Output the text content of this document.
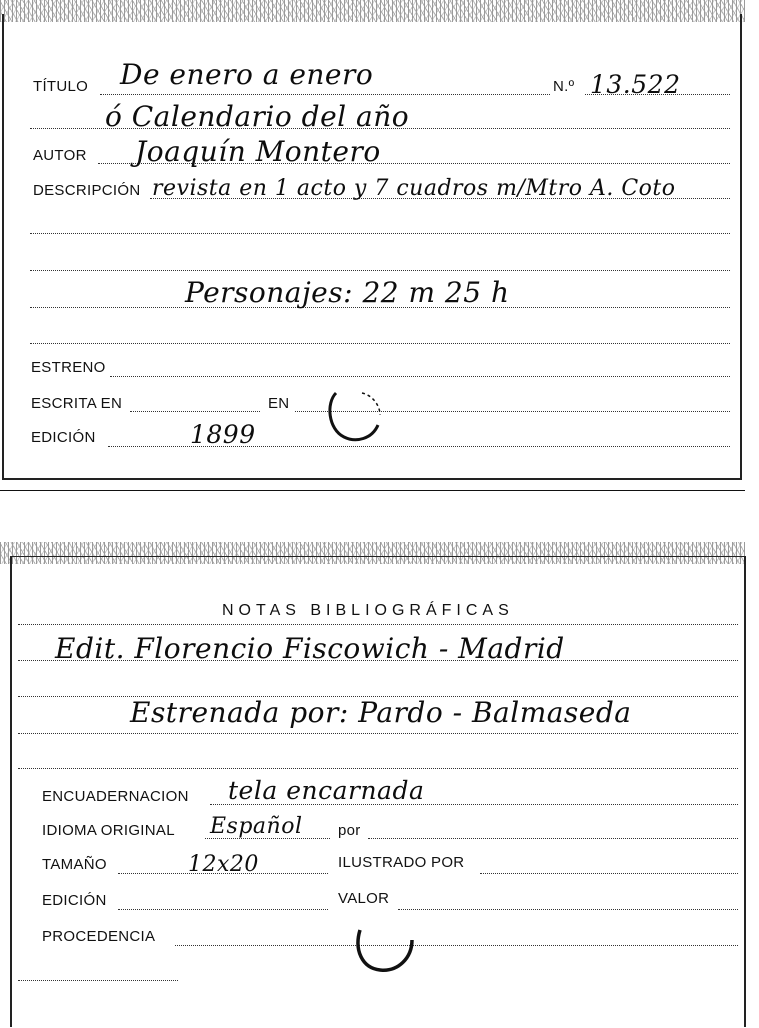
TÍTULO De enero a enero	N.º 13.522
ó Calendario del año
AUTOR Joaquín Montero
DESCRIPCIÓN revista en 1 acto y 7 cuadros m/Mtro A. Coto
Personajes: 22 m 25 h
ESTRENO
ESCRITA EN	EN
EDICIÓN	1899
NOTAS BIBLIOGRÁFICAS
Edit. Florencio Fiscowich - Madrid
Estrenada por: Pardo - Balmaseda
ENCUADERNACION tela encarnada
IDIOMA ORIGINAL Español por
TAMAÑO	12x20	ILUSTRADO POR
EDICIÓN	VALOR
PROCEDENCIA
